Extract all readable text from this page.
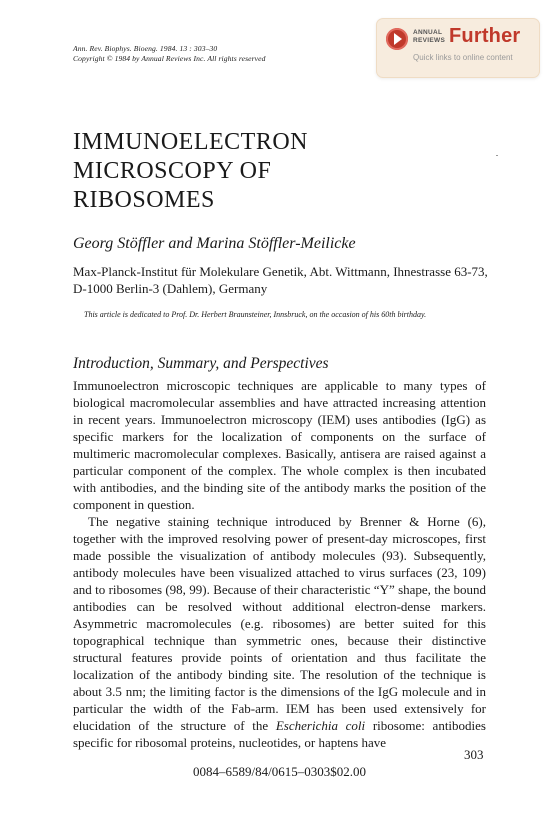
Ann. Rev. Biophys. Bioeng. 1984. 13 : 303–30
Copyright © 1984 by Annual Reviews Inc. All rights reserved
ANNUAL
REVIEWS Further
Quick links to online content
IMMUNOELECTRON
MICROSCOPY OF
RIBOSOMES
Georg Stöffler and Marina Stöffler-Meilicke
Max-Planck-Institut für Molekulare Genetik, Abt. Wittmann, Ihnestrasse 63-73, D-1000 Berlin-3 (Dahlem), Germany
This article is dedicated to Prof. Dr. Herbert Braunsteiner, Innsbruck, on the occasion of his 60th birthday.
Introduction, Summary, and Perspectives

Immunoelectron microscopic techniques are applicable to many types of biological macromolecular assemblies and have attracted increasing attention in recent years. Immunoelectron microscopy (IEM) uses antibodies (IgG) as specific markers for the localization of components on the surface of multimeric macromolecular complexes. Basically, antisera are raised against a particular component of the complex. The whole complex is then incubated with antibodies, and the binding site of the antibody marks the position of the component in question.

The negative staining technique introduced by Brenner & Horne (6), together with the improved resolving power of present-day microscopes, first made possible the visualization of antibody molecules (93). Subsequently, antibody molecules have been visualized attached to virus surfaces (23, 109) and to ribosomes (98, 99). Because of their characteristic “Y” shape, the bound antibodies can be resolved without additional electron-dense markers. Asymmetric macromolecules (e.g. ribosomes) are better suited for this topographical technique than symmetric ones, because their distinctive structural features provide points of orientation and thus facilitate the localization of the antibody binding site. The resolution of the technique is about 3.5 nm; the limiting factor is the dimensions of the IgG molecule and in particular the width of the Fab-arm. IEM has been used extensively for elucidation of the structure of the Escherichia coli ribosome: antibodies specific for ribosomal proteins, nucleotides, or haptens have

303
0084–6589/84/0615–0303$02.00
